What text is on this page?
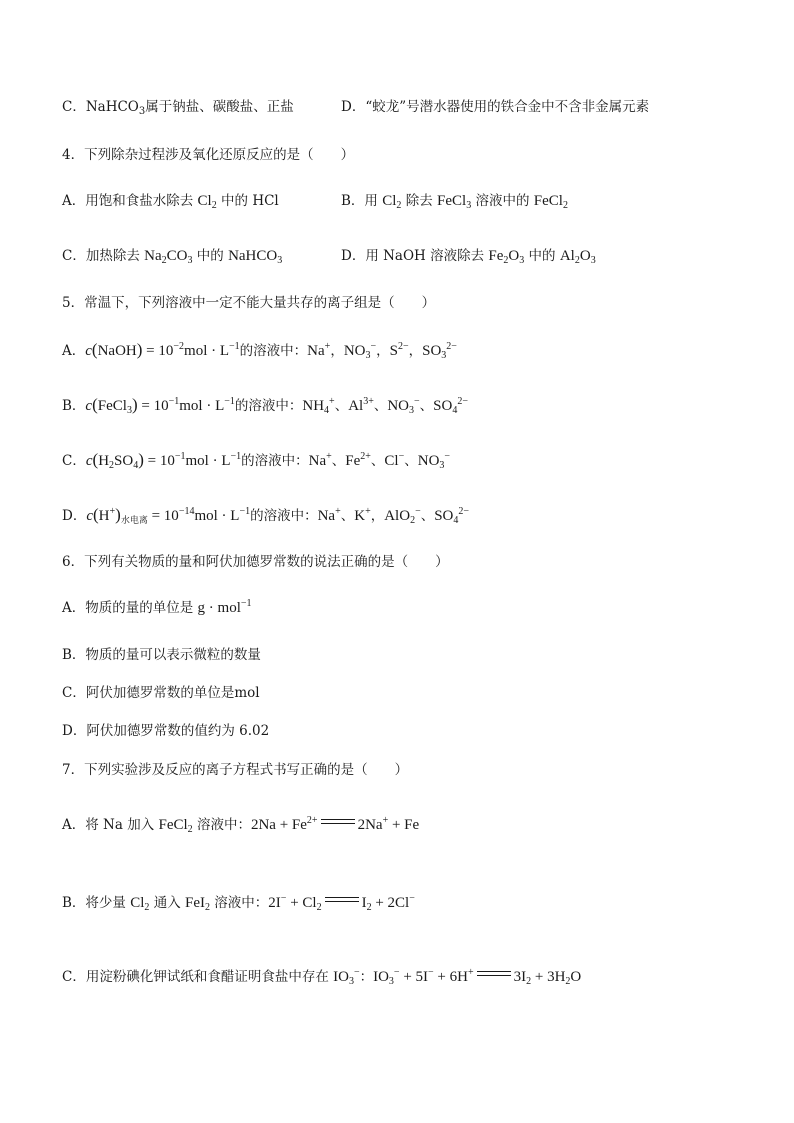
C．NaHCO$_3$属于钠盐、碳酸盐、正盐	D．“蛟龙”号潜水器使用的铁合金中不含非金属元素
4．下列除杂过程涉及氧化还原反应的是（　　）
A．用饱和食盐水除去 $Cl_2$ 中的 HCl	B．用 $Cl_2$ 除去 FeCl$_3$ 溶液中的 FeCl$_2$
C．加热除去 $Na_2CO_3$ 中的 NaHCO$_3$	D．用 NaOH 溶液除去 $Fe_2O_3$ 中的 $Al_2O_3$
5．常温下，下列溶液中一定不能大量共存的离子组是（　　）
A．c(NaOH) = $10^{-2}mol \cdot L^{-1}$的溶液中：Na+，$NO_3^-$，$S^{2-}$，$SO_3^{2-}$
B．c(FeCl$_3$) = $10^{-1}mol \cdot L^{-1}$的溶液中：$NH_4^+$、$Al^{3+}$、$NO_3^-$、$SO_4^{2-}$
C．$c(H_2SO_4) = 10^{-1}mol \cdot L^{-1}$的溶液中：Na+、$Fe^{2+}$、Cl−、$NO_3^-$
D．$c(H^+)_{水电离} = 10^{-14}mol \cdot L^{-1}$的溶液中：Na+、K+，AlO$_2$−、$SO_4^{2-}$
6．下列有关物质的量和阿伏加德罗常数的说法正确的是（　　）
A．物质的量的单位是 g · mol$^{-1}$
B．物质的量可以表示微粒的数量
C．阿伏加德罗常数的单位是mol
D．阿伏加德罗常数的值约为 6.02
7．下列实验涉及反应的离子方程式书写正确的是（　　）
A．将 Na 加入 FeCl$_2$ 溶液中：$2Na + Fe^{2+}$	2Na+ + Fe
B．将少量 $Cl_2$ 通入 FeI$_2$ 溶液中：$2I^- + Cl_2$	$I_2 + 2Cl^-$
C．用淀粉碘化钾试纸和食醋证明食盐中存在 $IO_3^-$：$IO_3^- + 5I^- + 6H^+$	$3I_2 + 3H_2O$
